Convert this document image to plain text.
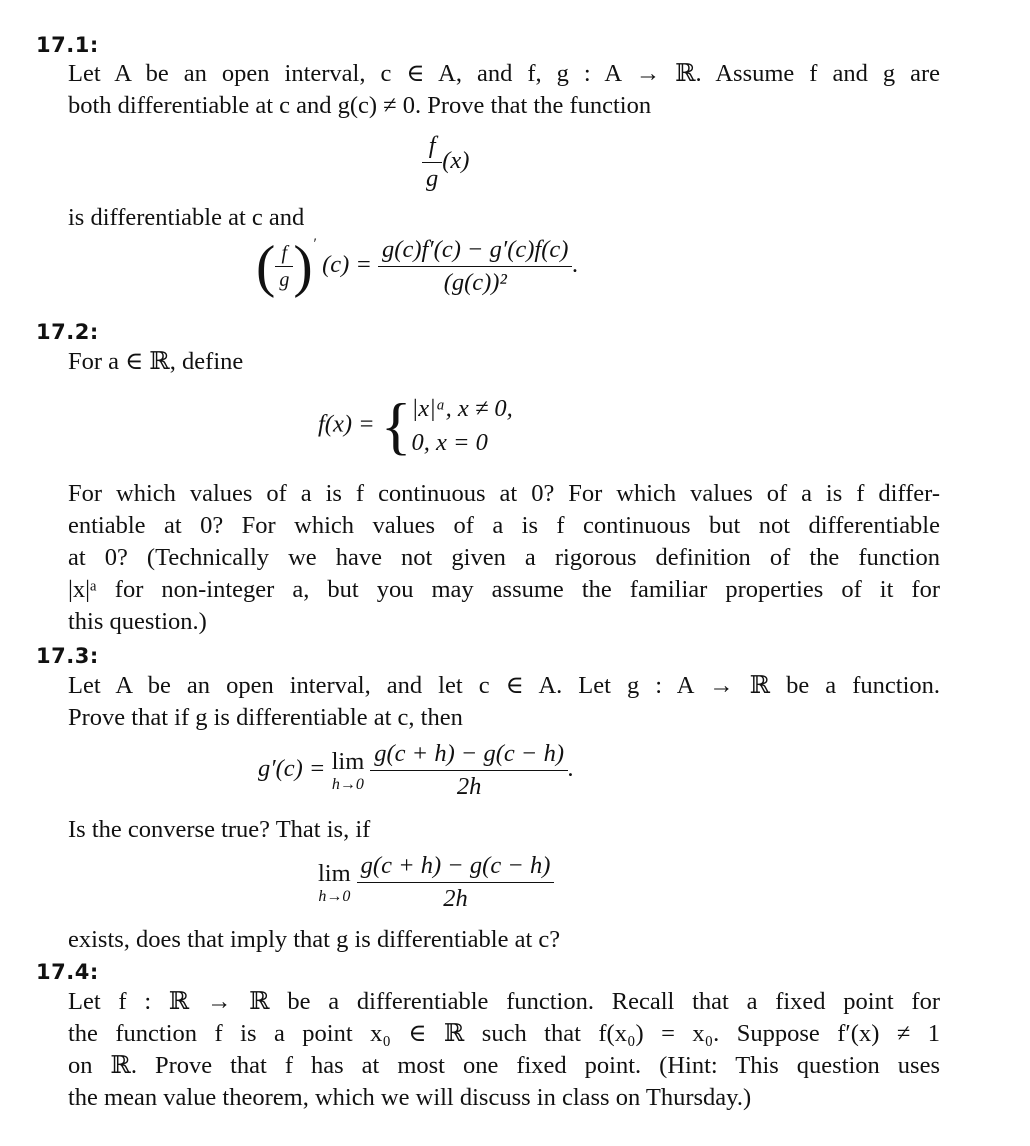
17.1:
Let A be an open interval, c ∈ A, and f, g : A → ℝ. Assume f and g are
both differentiable at c and g(c) ≠ 0. Prove that the function
$\frac{f}{g} (x)$
is differentiable at c and
( $\frac{f}{g} )'$ $(c) = \frac{g(c)f'(c) - g'(c)f(c)}{\text{(g(c))²}}$ .
17.2:
For a ∈ ℝ, define
f(x) = { |x|ᵃ, x ≠ 0,
0, x = 0
For which values of a is f continuous at 0? For which values of a is f differ-
entiable at 0? For which values of a is f continuous but not differentiable
at 0? (Technically we have not given a rigorous definition of the function
|x|ᵃ for non-integer a, but you may assume the familiar properties of it for
this question.)
17.3:
Let A be an open interval, and let c ∈ A. Let g : A → ℝ be a function.
Prove that if g is differentiable at c, then
g′(c) = lim
$h\to 0 \frac{g(c + h) - g(c - h)}{2h}$ .
Is the converse true? That is, if
lim
$h\to 0 \frac{g(c + h) - g(c - h)}{2h}$
exists, does that imply that g is differentiable at c?
17.4:
Let f : ℝ → ℝ be a differentiable function. Recall that a fixed point for
the function f is a point x₀ ∈ ℝ such that f(x₀) = x₀. Suppose f′(x) ≠ 1
on ℝ. Prove that f has at most one fixed point. (Hint: This question uses
the mean value theorem, which we will discuss in class on Thursday.)
